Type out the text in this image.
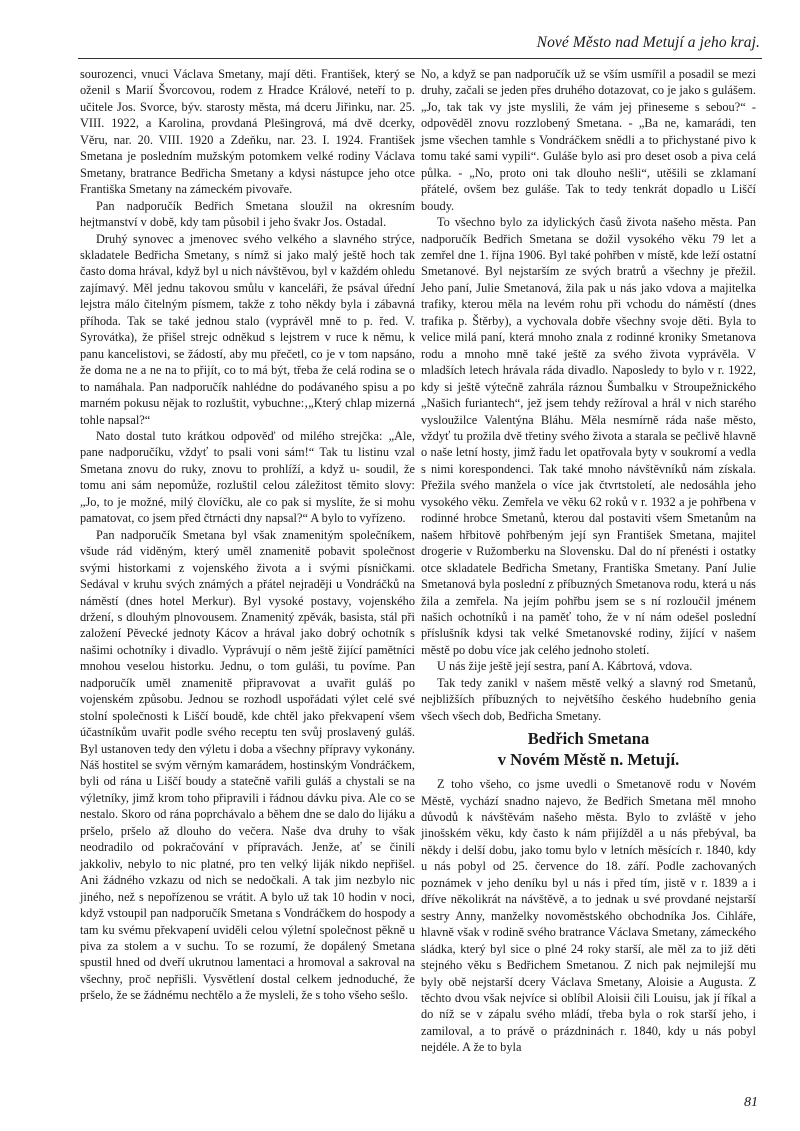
Nové Město nad Metují a jeho kraj.

sourozenci, vnuci Václava Smetany, mají děti. František, který se oženil s Marií Švorcovou, rodem z Hradce Králové, neteří to p. učitele Jos. Svorce, býv. starosty města, má dceru Jiřinku, nar. 25. VIII. 1922, a Karolina, provdaná Plešingrová, má dvě dcerky, Věru, nar. 20. VIII. 1920 a Zdeňku, nar. 23. I. 1924. František Smetana je posledním mužským potomkem velké rodiny Václava Smetany, bratrance Bedřicha Smetany a kdysi nástupce jeho otce Františka Smetany na zámeckém pivovaře.

Pan nadporučík Bedřich Smetana sloužil na okresním hejtmanství v době, kdy tam působil i jeho švakr Jos. Ostadal.

Druhý synovec a jmenovec svého velkého a slavného strýce, skladatele Bedřicha Smetany, s nímž si jako malý ještě hoch tak často doma hrával, když byl u nich návštěvou, byl v každém ohledu zajímavý. Měl jednu takovou smůlu v kanceláři, že psával úřední lejstra málo čitelným písmem, takže z toho někdy byla i zábavná příhoda. Tak se také jednou stalo (vyprávěl mně to p. řed. V. Syrovátka), že přišel strejc odněkud s lejstrem v ruce k němu, k panu kancelistovi, se žádostí, aby mu přečetl, co je v tom napsáno, že doma ne a ne na to přijít, co to má být, třeba že celá rodina se o to namáhala. Pan nadporučík nahlédne do podávaného spisu a po marném pokusu nějak to rozluštit, vybuchne:‚„Který chlap mizerná tohle napsal?“

Nato dostal tuto krátkou odpověď od milého strejčka: „Ale, pane nadporučíku, vždyť to psali voni sám!“ Tak tu listinu vzal Smetana znovu do ruky, znovu to prohlíží, a když u- soudil, že tomu ani sám nepomůže, rozluštil celou záležitost těmito slovy: „Jo, to je možné, milý človíčku, ale co pak si myslíte, že si mohu pamatovat, co jsem před čtrnácti dny napsal?“ A bylo to vyřízeno.

Pan nadporučík Smetana byl však znamenitým společníkem, všude rád viděným, který uměl znamenitě pobavit společnost svými historkami z vojenského života a i svými písničkami. Sedával v kruhu svých známých a přátel nejraději u Vondráčků na náměstí (dnes hotel Merkur). Byl vysoké postavy, vojenského držení, s dlouhým plnovousem. Znamenitý zpěvák, basista, stál při založení Pěvecké jednoty Kácov a hrával jako dobrý ochotník s našimi ochotníky i divadlo. Vyprávují o něm ještě žijící pamětníci mnohou veselou historku. Jednu, o tom guláši, tu povíme. Pan nadporučík uměl znamenitě připravovat a uvařit guláš po vojenském způsobu. Jednou se rozhodl uspořádati výlet celé své stolní společnosti k Liščí boudě, kde chtěl jako překvapení všem účastníkům uvařit podle svého receptu ten svůj proslavený guláš. Byl ustanoven tedy den výletu i doba a všechny přípravy vykonány. Náš hostitel se svým věrným kamarádem, hostinským Vondráčkem, byli od rána u Liščí boudy a statečně vařili guláš a chystali se na výletníky, jimž krom toho připravili i řádnou dávku piva. Ale co se nestalo. Skoro od rána poprchávalo a během dne se dalo do lijáku a pršelo, pršelo až dlouho do večera. Naše dva druhy to však neodradilo od pokračování v přípravách. Jenže, ať se činili jakkoliv, nebylo to nic platné, pro ten velký liják nikdo nepřišel. Ani žádného vzkazu od nich se nedočkali. A tak jim nezbylo nic jiného, než s nepořízenou se vrátit. A bylo už tak 10 hodin v noci, když vstoupil pan nadporučík Smetana s Vondráčkem do hospody a tam ku svému překvapení uviděli celou výletní společnost pěkně u piva za stolem a v suchu. To se rozumí, že dopálený Smetana spustil hned od dveří ukrutnou lamentaci a hromoval a sakroval na všechny, proč nepřišli. Vysvětlení dostal celkem jednoduché, že pršelo, že se žádnému nechtělo a že mysleli, že s toho všeho sešlo.

No, a když se pan nadporučík už se vším usmířil a posadil se mezi druhy, začali se jeden přes druhého dotazovat, co je jako s gulášem. „Jo, tak tak vy jste myslili, že vám jej přineseme s sebou?“ - odpověděl znovu rozzlobený Smetana. - „Ba ne, kamarádi, ten jsme všechen tamhle s Vondráčkem snědli a to přichystané pivo k tomu také sami vypili“. Guláše bylo asi pro deset osob a piva celá půlka. - „No, proto oni tak dlouho nešli“, utěšili se zklamaní přátelé, ovšem bez guláše. Tak to tedy tenkrát dopadlo u Liščí boudy.

To všechno bylo za idylických časů života našeho města. Pan nadporučík Bedřich Smetana se dožil vysokého věku 79 let a zemřel dne 1. října 1906. Byl také pohřben v místě, kde leží ostatní Smetanové. Byl nejstarším ze svých bratrů a všechny je přežil. Jeho paní, Julie Smetanová, žila pak u nás jako vdova a majitelka trafiky, kterou měla na levém rohu při vchodu do náměstí (dnes trafika p. Štěrby), a vychovala dobře všechny svoje děti. Byla to velice milá paní, která mnoho znala z rodinné kroniky Smetanova rodu a mnoho mně také ještě za svého života vyprávěla. V mladších letech hrávala ráda divadlo. Naposledy to bylo v r. 1922, kdy si ještě výtečně zahrála ráznou Šumbalku v Stroupežnického „Našich furiantech“, jež jsem tehdy režíroval a hrál v nich starého vysloužilce Valentýna Bláhu. Měla nesmírně ráda naše město, vždyť tu prožila dvě třetiny svého života a starala se pečlivě hlavně o naše letní hosty, jimž řadu let opatřovala byty v soukromí a vedla s nimi korespondenci. Tak také mnoho návštěvníků nám získala. Přežila svého manžela o více jak čtvrtstoletí, ale nedosáhla jeho vysokého věku. Zemřela ve věku 62 roků v r. 1932 a je pohřbena v rodinné hrobce Smetanů, kterou dal postaviti všem Smetanům na našem hřbitově pohřbeným její syn František Smetana, majitel drogerie v Ružomberku na Slovensku. Dal do ní přenésti i ostatky otce skladatele Bedřicha Smetany, Františka Smetany. Paní Julie Smetanová byla poslední z příbuzných Smetanova rodu, která u nás žila a zemřela. Na jejím pohřbu jsem se s ní rozloučil jménem našich ochotníků i na paměť toho, že v ní nám odešel poslední příslušník kdysi tak velké Smetanovské rodiny, žijící v našem městě po dobu více jak celého jednoho století.

U nás žije ještě její sestra, paní A. Kábrtová, vdova.

Tak tedy zanikl v našem městě velký a slavný rod Smetanů, nejbližších příbuzných to největšího českého hudebního genia všech všech dob, Bedřicha Smetany.

Bedřich Smetana
v Novém Městě n. Metují.

Z toho všeho, co jsme uvedli o Smetanově rodu v Novém Městě, vychází snadno najevo, že Bedřich Smetana měl mnoho důvodů k návštěvám našeho města. Bylo to zvláště v jeho jinošském věku, kdy často k nám přijížděl a u nás přebýval, ba někdy i delší dobu, jako tomu bylo v letních měsících r. 1840, kdy u nás pobyl od 25. července do 18. září. Podle zachovaných poznámek v jeho deníku byl u nás i před tím, jistě v r. 1839 a i dříve několikrát na návštěvě, a to jednak u své provdané nejstarší sestry Anny, manželky novoměstského obchodníka Jos. Cihláře, hlavně však v rodině svého bratrance Václava Smetany, zámeckého sládka, který byl sice o plné 24 roky starší, ale měl za to již děti stejného věku s Bedřichem Smetanou. Z nich pak nejmilejší mu byly obě nejstarší dcery Václava Smetany, Aloisie a Augusta. Z těchto dvou však nejvíce si oblíbil Aloisii čili Louisu, jak jí říkal a do níž se v zápalu svého mládí, třeba byla o rok starší jeho, i zamiloval, a to právě o prázdninách r. 1840, kdy u nás pobyl nejdéle. A že to byla

81
